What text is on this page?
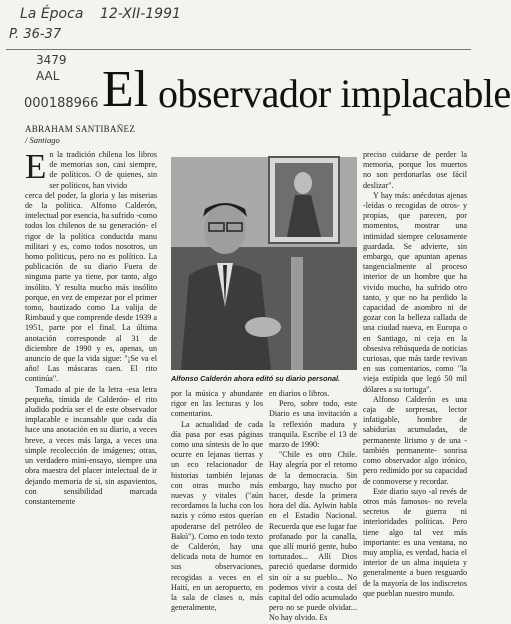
La Época 12-XII-1991
P. 36-37
3479
AAL
000188966 El observador implacable
ABRAHAM SANTIBAÑEZ
/ Santiago

E n la tradición chilena los libros de memorias son, casi siempre, de políticos. O de quienes, sin ser políticos, han vivido

cerca del poder, la gloria y las miserias de la política. Alfonso Calderón, intelectual por esencia, ha sufrido -como todos los chilenos de su generación- el rigor de la política conducida manu militari y es, como todos nosotros, un homo politicus, pero no es político. La publicación de su diario Fuera de ninguna parte ya tiene, por tanto, algo insólito. Y resulta mucho más insólito porque, en vez de empezar por el primer tomo, bautizado como La valija de Rimbaud y que comprende desde 1939 a 1951, parte por el final. La última anotación corresponde al 31 de diciembre de 1990 y es, apenas, un anuncio de que la vida sigue: "¡Se va el año! Las máscaras caen. El rito continúa".

Tomado al pie de la letra -esa letra pequeña, tímida de Calderón- el rito aludido podría ser el de este observador implacable e incansable que cada día hace una anotación en su diario, a veces breve, a veces más larga, a veces una simple recolección de imágenes; otras, un verdadero mini-ensayo, siempre una obra maestra del placer intelectual de ir dejando memoria de sí, sin aspavientos, con sensibilidad marcada constantemente

Alfonso Calderón ahora editó su diario personal.

por la música y abundante rigor en las lecturas y los comentarios.

La actualidad de cada día pasa por esas páginas como una síntesis de lo que ocurre en lejanas tierras y un eco relacionador de historias también lejanas con otras mucho más nuevas y vitales ("aún recordamos la lucha con los nazis y cómo estos querían apoderarse del petróleo de Bakú"). Como en todo texto de Calderón, hay una delicada nota de humor en sus observaciones, recogidas a veces en el Haití, en un aeropuerto, en la sala de clases o, más generalmente,

en diarios o libros.

Pero, sobre todo, este Diario es una invitación a la reflexión madura y tranquila. Escribe el 13 de marzo de 1990:

"Chile es otro Chile. Hay alegría por el retorno de la democracia. Sin embargo, hay mucho por hacer, desde la primera hora del día. Aylwin habla en el Estadio Nacional. Recuerda que ese lugar fue profanado por la canalla, que allí murió gente, hubo torturados... Allí Dios pareció quedarse dormido sin oír a su pueblo... No podemos vivir a costa del capital del odio acumulado pero no se puede olvidar... No hay olvido. Es

preciso cuidarse de perder la memoria, porque los muertos no son perdonarlas ose fácil deslizar".

Y hay más: anécdotas ajenas -leídas o recogidas de otros- y propias, que parecen, por momentos, mostrar una intimidad siempre celosamente guardada. Se advierte, sin embargo, que apuntan apenas tangencialmente al proceso interior de un hombre que ha vivido mucho, ha sufrido otro tanto, y que no ha perdido la capacidad de asombro ni de gozar con la belleza callada de una ciudad nueva, en Europa o en Santiago, ni ceja en la obsesiva rebúsqueda de noticias curiosas, que más tarde revivan en sus comentarios, como "la vieja estípida que legó 50 mil dólares a su tortuga".

Alfonso Calderón es una caja de sorpresas, lector infatigable, hombre de sabidurías acumuladas, de permanente lirismo y de una -también permanente- sonrisa como observador algo irónico, pero redimido por su capacidad de conmoverse y recordar.

Este diario suyo -al revés de otros más famosos- no revela secretos de guerra ni interioridades políticas. Pero tiene algo tal vez más importante: es una ventana, no muy amplia, es verdad, hacia el interior de un alma inquieta y generalmente a buen resguardo de la mayoría de los indiscretos que pueblan nuestro mundo.
